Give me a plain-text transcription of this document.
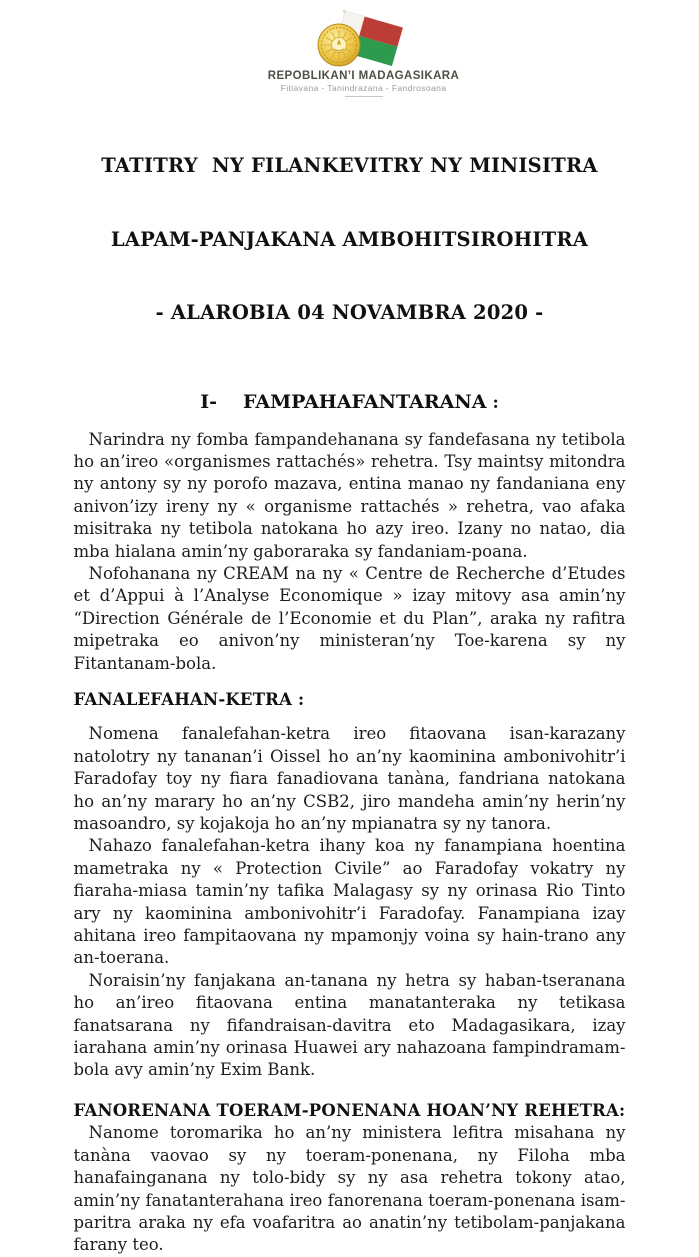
REPOBLIKAN’I MADAGASIKARA
Fitiavana - Tanindrazana - Fandrosoana

TATITRY  NY FILANKEVITRY NY MINISITRA

LAPAM-PANJAKANA AMBOHITSIROHITRA

- ALAROBIA 04 NOVAMBRA 2020 -

I- FAMPAHAFANTARANA :

Narindra ny fomba fampandehanana sy fandefasana ny tetibola ho an’ireo «organismes rattachés» rehetra. Tsy maintsy mitondra ny antony sy ny porofo mazava, entina manao ny fandaniana eny anivon’izy ireny ny « organisme rattachés » rehetra, vao afaka misitraka ny tetibola natokana ho azy ireo. Izany no natao, dia mba hialana amin’ny gaboraraka sy fandaniam-poana.

Nofohanana ny CREAM na ny « Centre de Recherche d’Etudes et d’Appui à l’Analyse Economique » izay mitovy asa amin’ny “Direction Générale de l’Economie et du Plan”, araka ny rafitra mipetraka eo anivon’ny ministeran’ny Toe-karena sy ny Fitantanam-bola.

FANALEFAHAN-KETRA :

Nomena fanalefahan-ketra ireo fitaovana isan-karazany natolotry ny tananan’i Oissel ho an’ny kaominina ambonivohitr’i Faradofay toy ny fiara fanadiovana tanàna, fandriana natokana ho an’ny marary ho an’ny CSB2, jiro mandeha amin’ny herin’ny masoandro, sy kojakoja ho an’ny mpianatra sy ny tanora.

Nahazo fanalefahan-ketra ihany koa ny fanampiana hoentina mametraka ny « Protection Civile” ao Faradofay vokatry ny fiaraha-miasa tamin’ny tafika Malagasy sy ny orinasa Rio Tinto ary ny kaominina ambonivohitr’i Faradofay. Fanampiana izay ahitana ireo fampitaovana ny mpamonjy voina sy hain-trano any an-toerana.

Noraisin’ny fanjakana an-tanana ny hetra sy haban-tseranana ho an’ireo fitaovana entina manatanteraka ny tetikasa fanatsarana ny fifandraisan-davitra eto Madagasikara, izay iarahana amin’ny orinasa Huawei ary nahazoana fampindramam-bola avy amin’ny Exim Bank.

FANORENANA TOERAM-PONENANA HOAN’NY REHETRA:

Nanome toromarika ho an’ny ministera lefitra misahana ny tanàna vaovao sy ny toeram-ponenana, ny Filoha mba hanafainganana ny tolo-bidy sy ny asa rehetra tokony atao, amin’ny fanatanterahana ireo fanorenana toeram-ponenana isam-paritra araka ny efa voafaritra ao anatin’ny tetibolam-panjakana farany teo.
